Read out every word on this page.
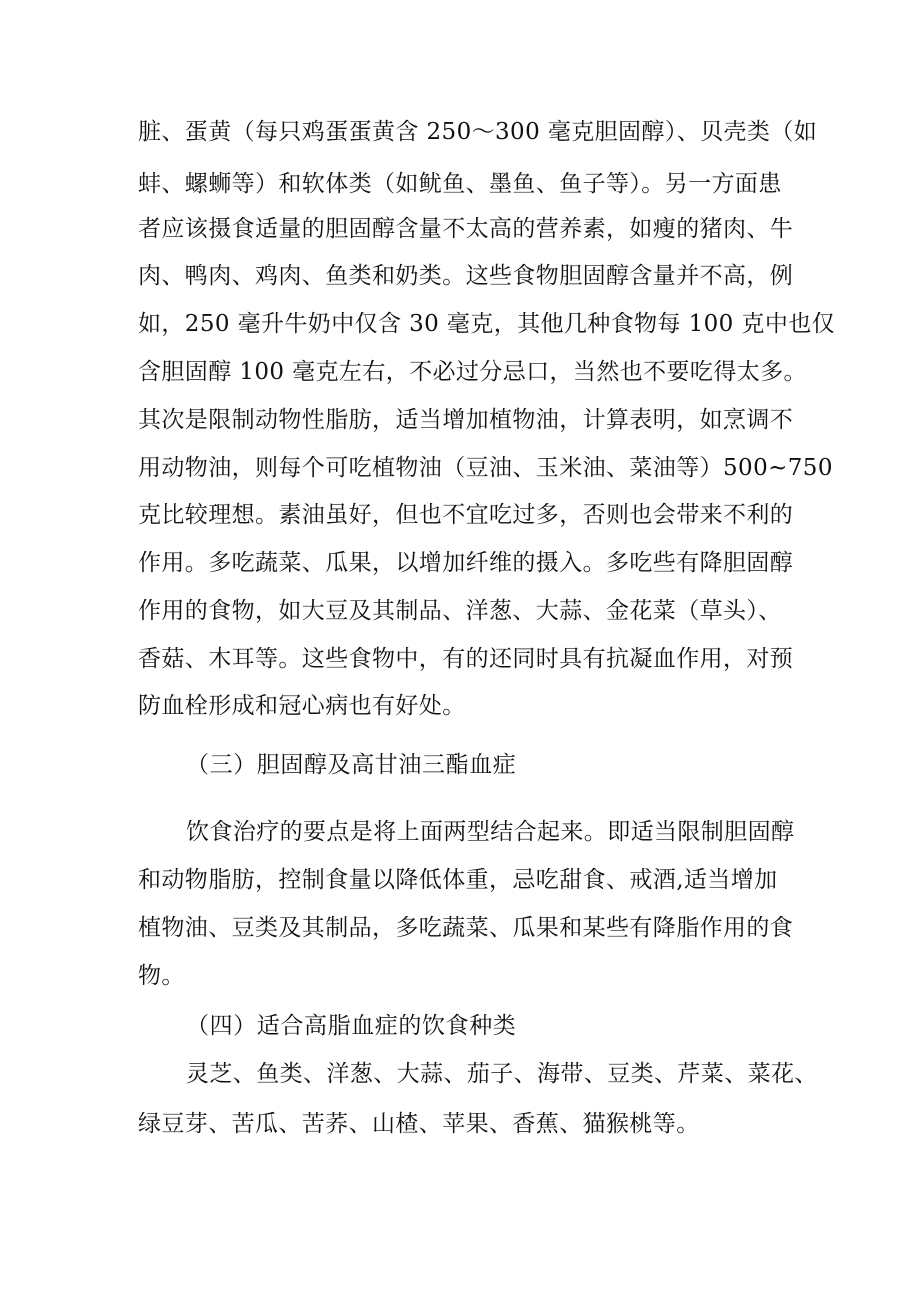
脏、蛋黄（每只鸡蛋蛋黄含 250～300 毫克胆固醇）、贝壳类（如
蚌、螺蛳等）和软体类（如鱿鱼、墨鱼、鱼子等）。另一方面患
者应该摄食适量的胆固醇含量不太高的营养素，如瘦的猪肉、牛
肉、鸭肉、鸡肉、鱼类和奶类。这些食物胆固醇含量并不高，例
如，250 毫升牛奶中仅含 30 毫克，其他几种食物每 100 克中也仅
含胆固醇 100 毫克左右，不必过分忌口，当然也不要吃得太多。
其次是限制动物性脂肪，适当增加植物油，计算表明，如烹调不
用动物油，则每个可吃植物油（豆油、玉米油、菜油等）500~750
克比较理想。素油虽好，但也不宜吃过多，否则也会带来不利的
作用。多吃蔬菜、瓜果，以增加纤维的摄入。多吃些有降胆固醇
作用的食物，如大豆及其制品、洋葱、大蒜、金花菜（草头）、
香菇、木耳等。这些食物中，有的还同时具有抗凝血作用，对预
防血栓形成和冠心病也有好处。
（三）胆固醇及高甘油三酯血症
饮食治疗的要点是将上面两型结合起来。即适当限制胆固醇
和动物脂肪，控制食量以降低体重，忌吃甜食、戒酒,适当增加
植物油、豆类及其制品，多吃蔬菜、瓜果和某些有降脂作用的食
物。
（四）适合高脂血症的饮食种类
灵芝、鱼类、洋葱、大蒜、茄子、海带、豆类、芹菜、菜花、
绿豆芽、苦瓜、苦荞、山楂、苹果、香蕉、猫猴桃等。
